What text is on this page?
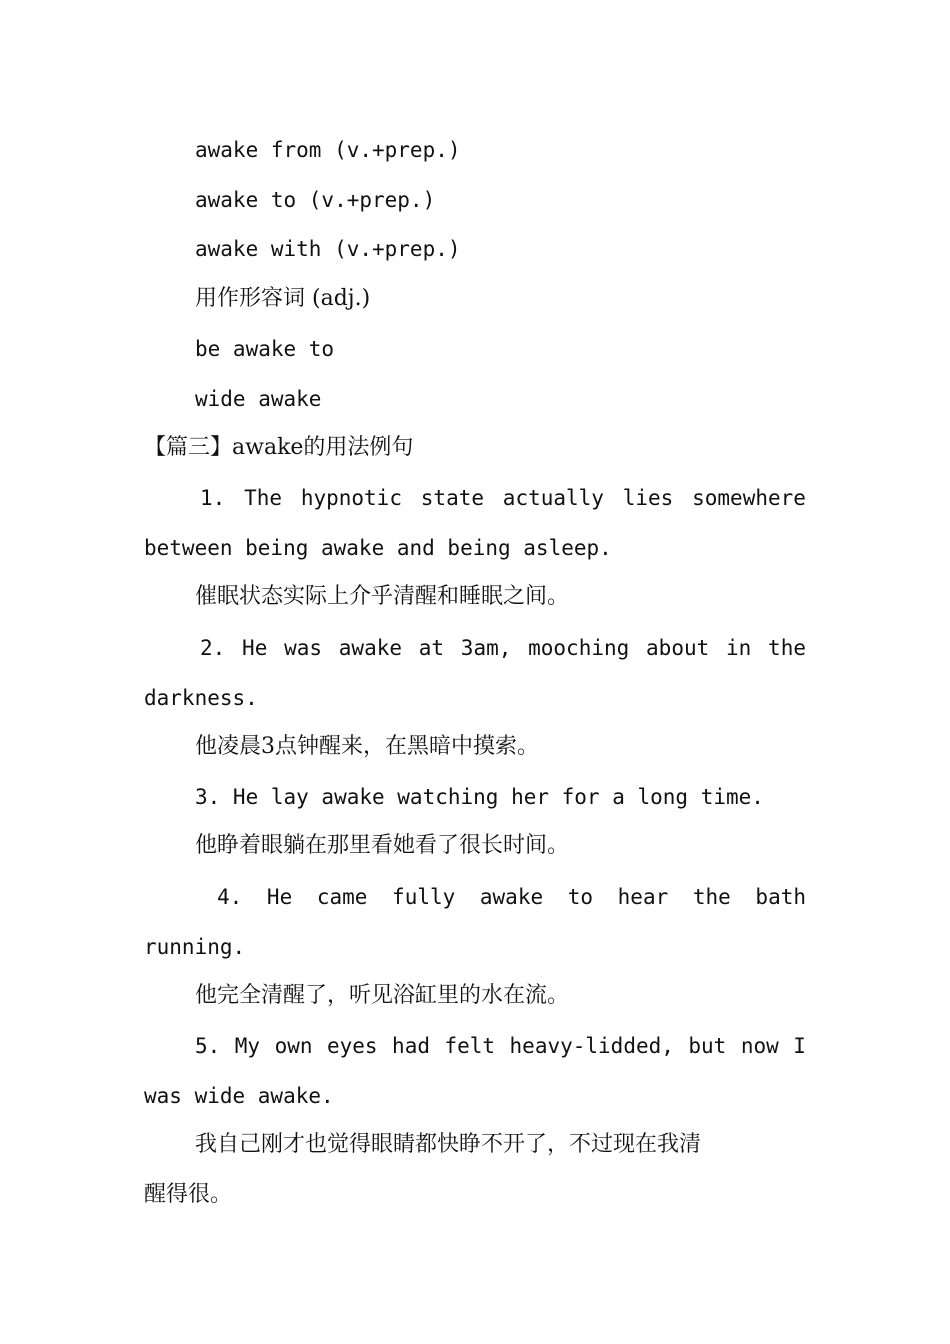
awake from (v.+prep.)
awake to (v.+prep.)
awake with (v.+prep.)
用作形容词 (adj.)
be awake to
wide awake
【篇三】awake的用法例句
1. The hypnotic state actually lies somewhere
between being awake and being asleep.
催眠状态实际上介乎清醒和睡眠之间。
2. He was awake at 3am, mooching about in the
darkness.
他凌晨3点钟醒来，在黑暗中摸索。
3. He lay awake watching her for a long time.
他睁着眼躺在那里看她看了很长时间。
4. He came fully awake to hear the bath
running.
他完全清醒了，听见浴缸里的水在流。
5. My own eyes had felt heavy-lidded, but now I
was wide awake.
我自己刚才也觉得眼睛都快睁不开了，不过现在我清
醒得很。
